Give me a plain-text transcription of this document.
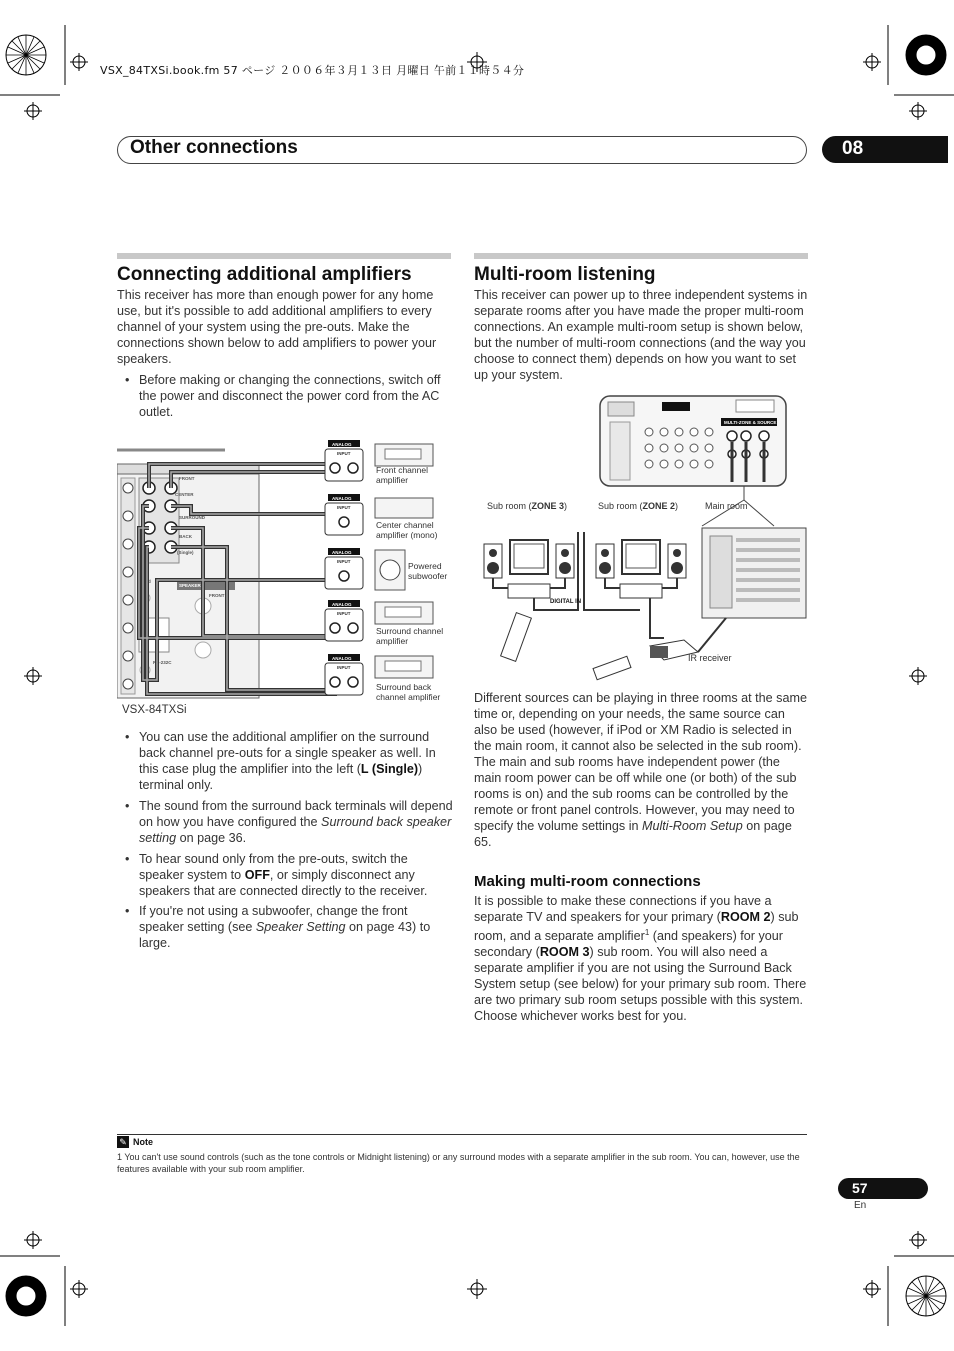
VSX_84TXSi.book.fm 57 ページ ２００６年３月１３日 月曜日 午前１１時５４分
Other connections	08
Connecting additional amplifiers
This receiver has more than enough power for any home use, but it's possible to add additional amplifiers to every channel of your system using the pre-outs. Make the connections shown below to add amplifiers to power your speakers.
• Before making or changing the connections, switch off the power and disconnect the power cord from the AC outlet.
FRONT
CENTER
SURROUND
BACK
(Single)
SPEAKERS
iPod
FRONT
RS-232C
ANALOG
INPUT
ANALOG
INPUT
ANALOG
INPUT
ANALOG
INPUT
ANALOG
INPUT
Front channel amplifier
Center channel amplifier (mono)
Powered subwoofer
Surround channel amplifier
Surround back channel amplifier
VSX-84TXSi
• You can use the additional amplifier on the surround back channel pre-outs for a single speaker as well. In this case plug the amplifier into the left (L (Single)) terminal only.
• The sound from the surround back terminals will depend on how you have configured the Surround back speaker setting on page 36.
• To hear sound only from the pre-outs, switch the speaker system to OFF, or simply disconnect any speakers that are connected directly to the receiver.
• If you're not using a subwoofer, change the front speaker setting (see Speaker Setting on page 43) to large.
Multi-room listening
This receiver can power up to three independent systems in separate rooms after you have made the proper multi-room connections. An example multi-room setup is shown below, but the number of multi-room connections (and the way you choose to connect them) depends on how you want to set up your system.
MULTI-ZONE & SOURCE
DIGITAL IN
Sub room (ZONE 3)	Sub room (ZONE 2)	Main room
IR receiver
Different sources can be playing in three rooms at the same time or, depending on your needs, the same source can also be used (however, if iPod or XM Radio is selected in the main room, it cannot also be selected in the sub room). The main and sub rooms have independent power (the main room power can be off while one (or both) of the sub rooms is on) and the sub rooms can be controlled by the remote or front panel controls. However, you may need to specify the volume settings in Multi-Room Setup on page 65.
Making multi-room connections
It is possible to make these connections if you have a separate TV and speakers for your primary (ROOM 2) sub room, and a separate amplifier$^1$ (and speakers) for your secondary (ROOM 3) sub room. You will also need a separate amplifier if you are not using the Surround Back System setup (see below) for your primary sub room. There are two primary sub room setups possible with this system. Choose whichever works best for you.
✎ Note
1 You can't use sound controls (such as the tone controls or Midnight listening) or any surround modes with a separate amplifier in the sub room. You can, however, use the features available with your sub room amplifier.
57
En
